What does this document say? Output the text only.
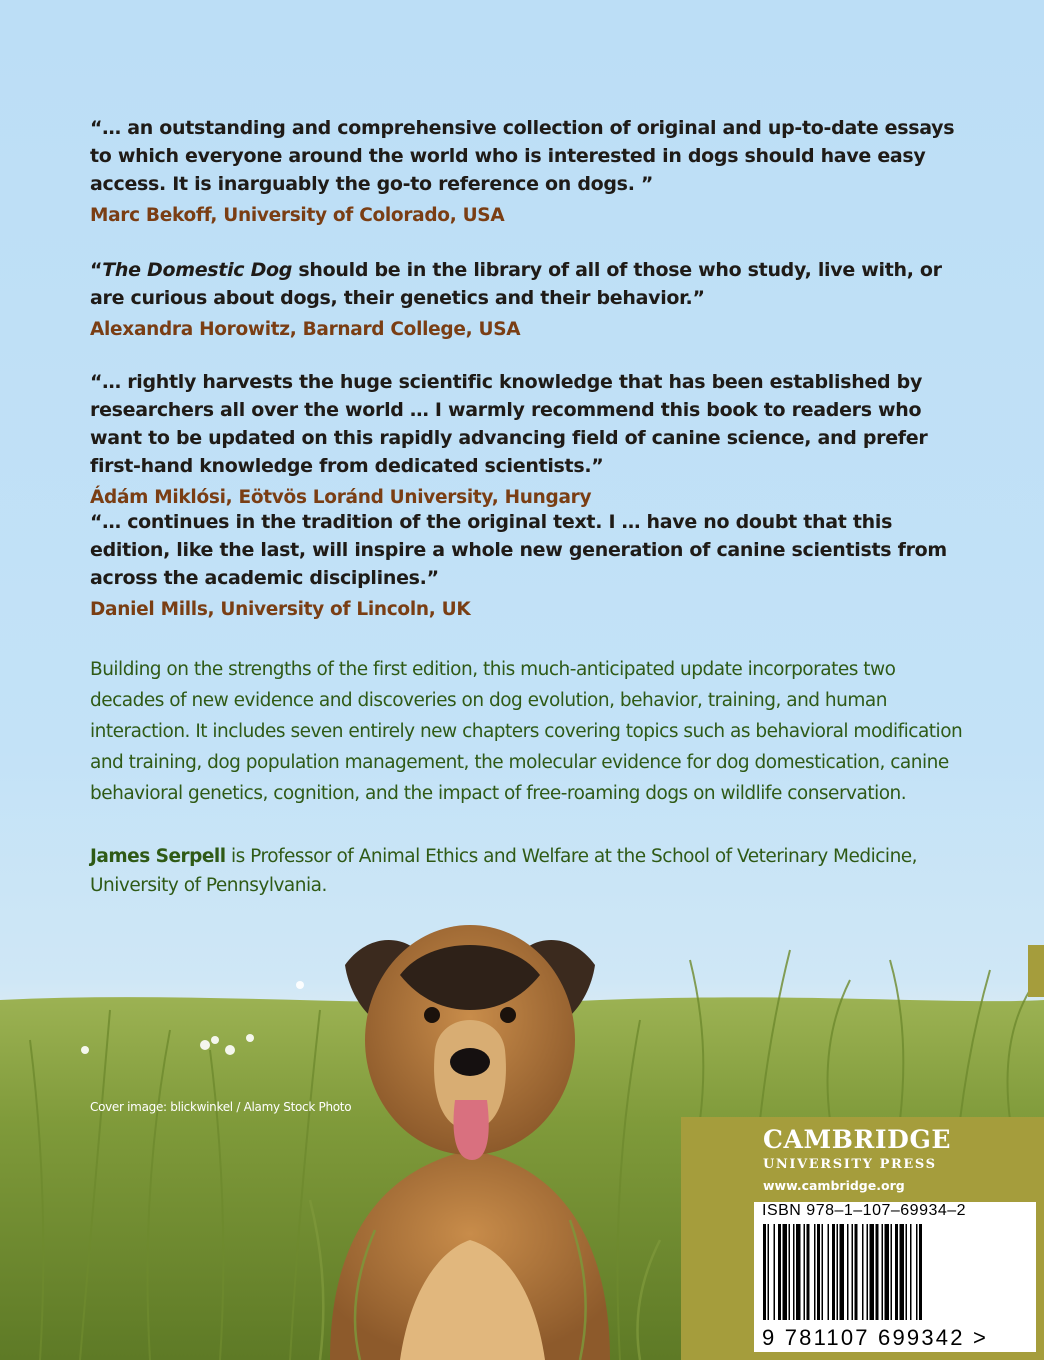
“… an outstanding and comprehensive collection of original and up-to-date essays to which everyone around the world who is interested in dogs should have easy access. It is inarguably the go-to reference on dogs. ”

Marc Bekoff, University of Colorado, USA

“The Domestic Dog should be in the library of all of those who study, live with, or are curious about dogs, their genetics and their behavior.”

Alexandra Horowitz, Barnard College, USA

“… rightly harvests the huge scientific knowledge that has been established by researchers all over the world … I warmly recommend this book to readers who want to be updated on this rapidly advancing field of canine science, and prefer first-hand knowledge from dedicated scientists.”

Ádám Miklósi, Eötvös Loránd University, Hungary

“… continues in the tradition of the original text. I … have no doubt that this edition, like the last, will inspire a whole new generation of canine scientists from across the academic disciplines.”

Daniel Mills, University of Lincoln, UK

Building on the strengths of the first edition, this much-anticipated update incorporates two decades of new evidence and discoveries on dog evolution, behavior, training, and human interaction. It includes seven entirely new chapters covering topics such as behavioral modification and training, dog population management, the molecular evidence for dog domestication, canine behavioral genetics, cognition, and the impact of free-roaming dogs on wildlife conservation.

James Serpell is Professor of Animal Ethics and Welfare at the School of Veterinary Medicine, University of Pennsylvania.

Cover image: blickwinkel / Alamy Stock Photo
CAMBRIDGE
UNIVERSITY PRESS
www.cambridge.org
ISBN 978–1–107–69934–2
9 781107 699342 >
